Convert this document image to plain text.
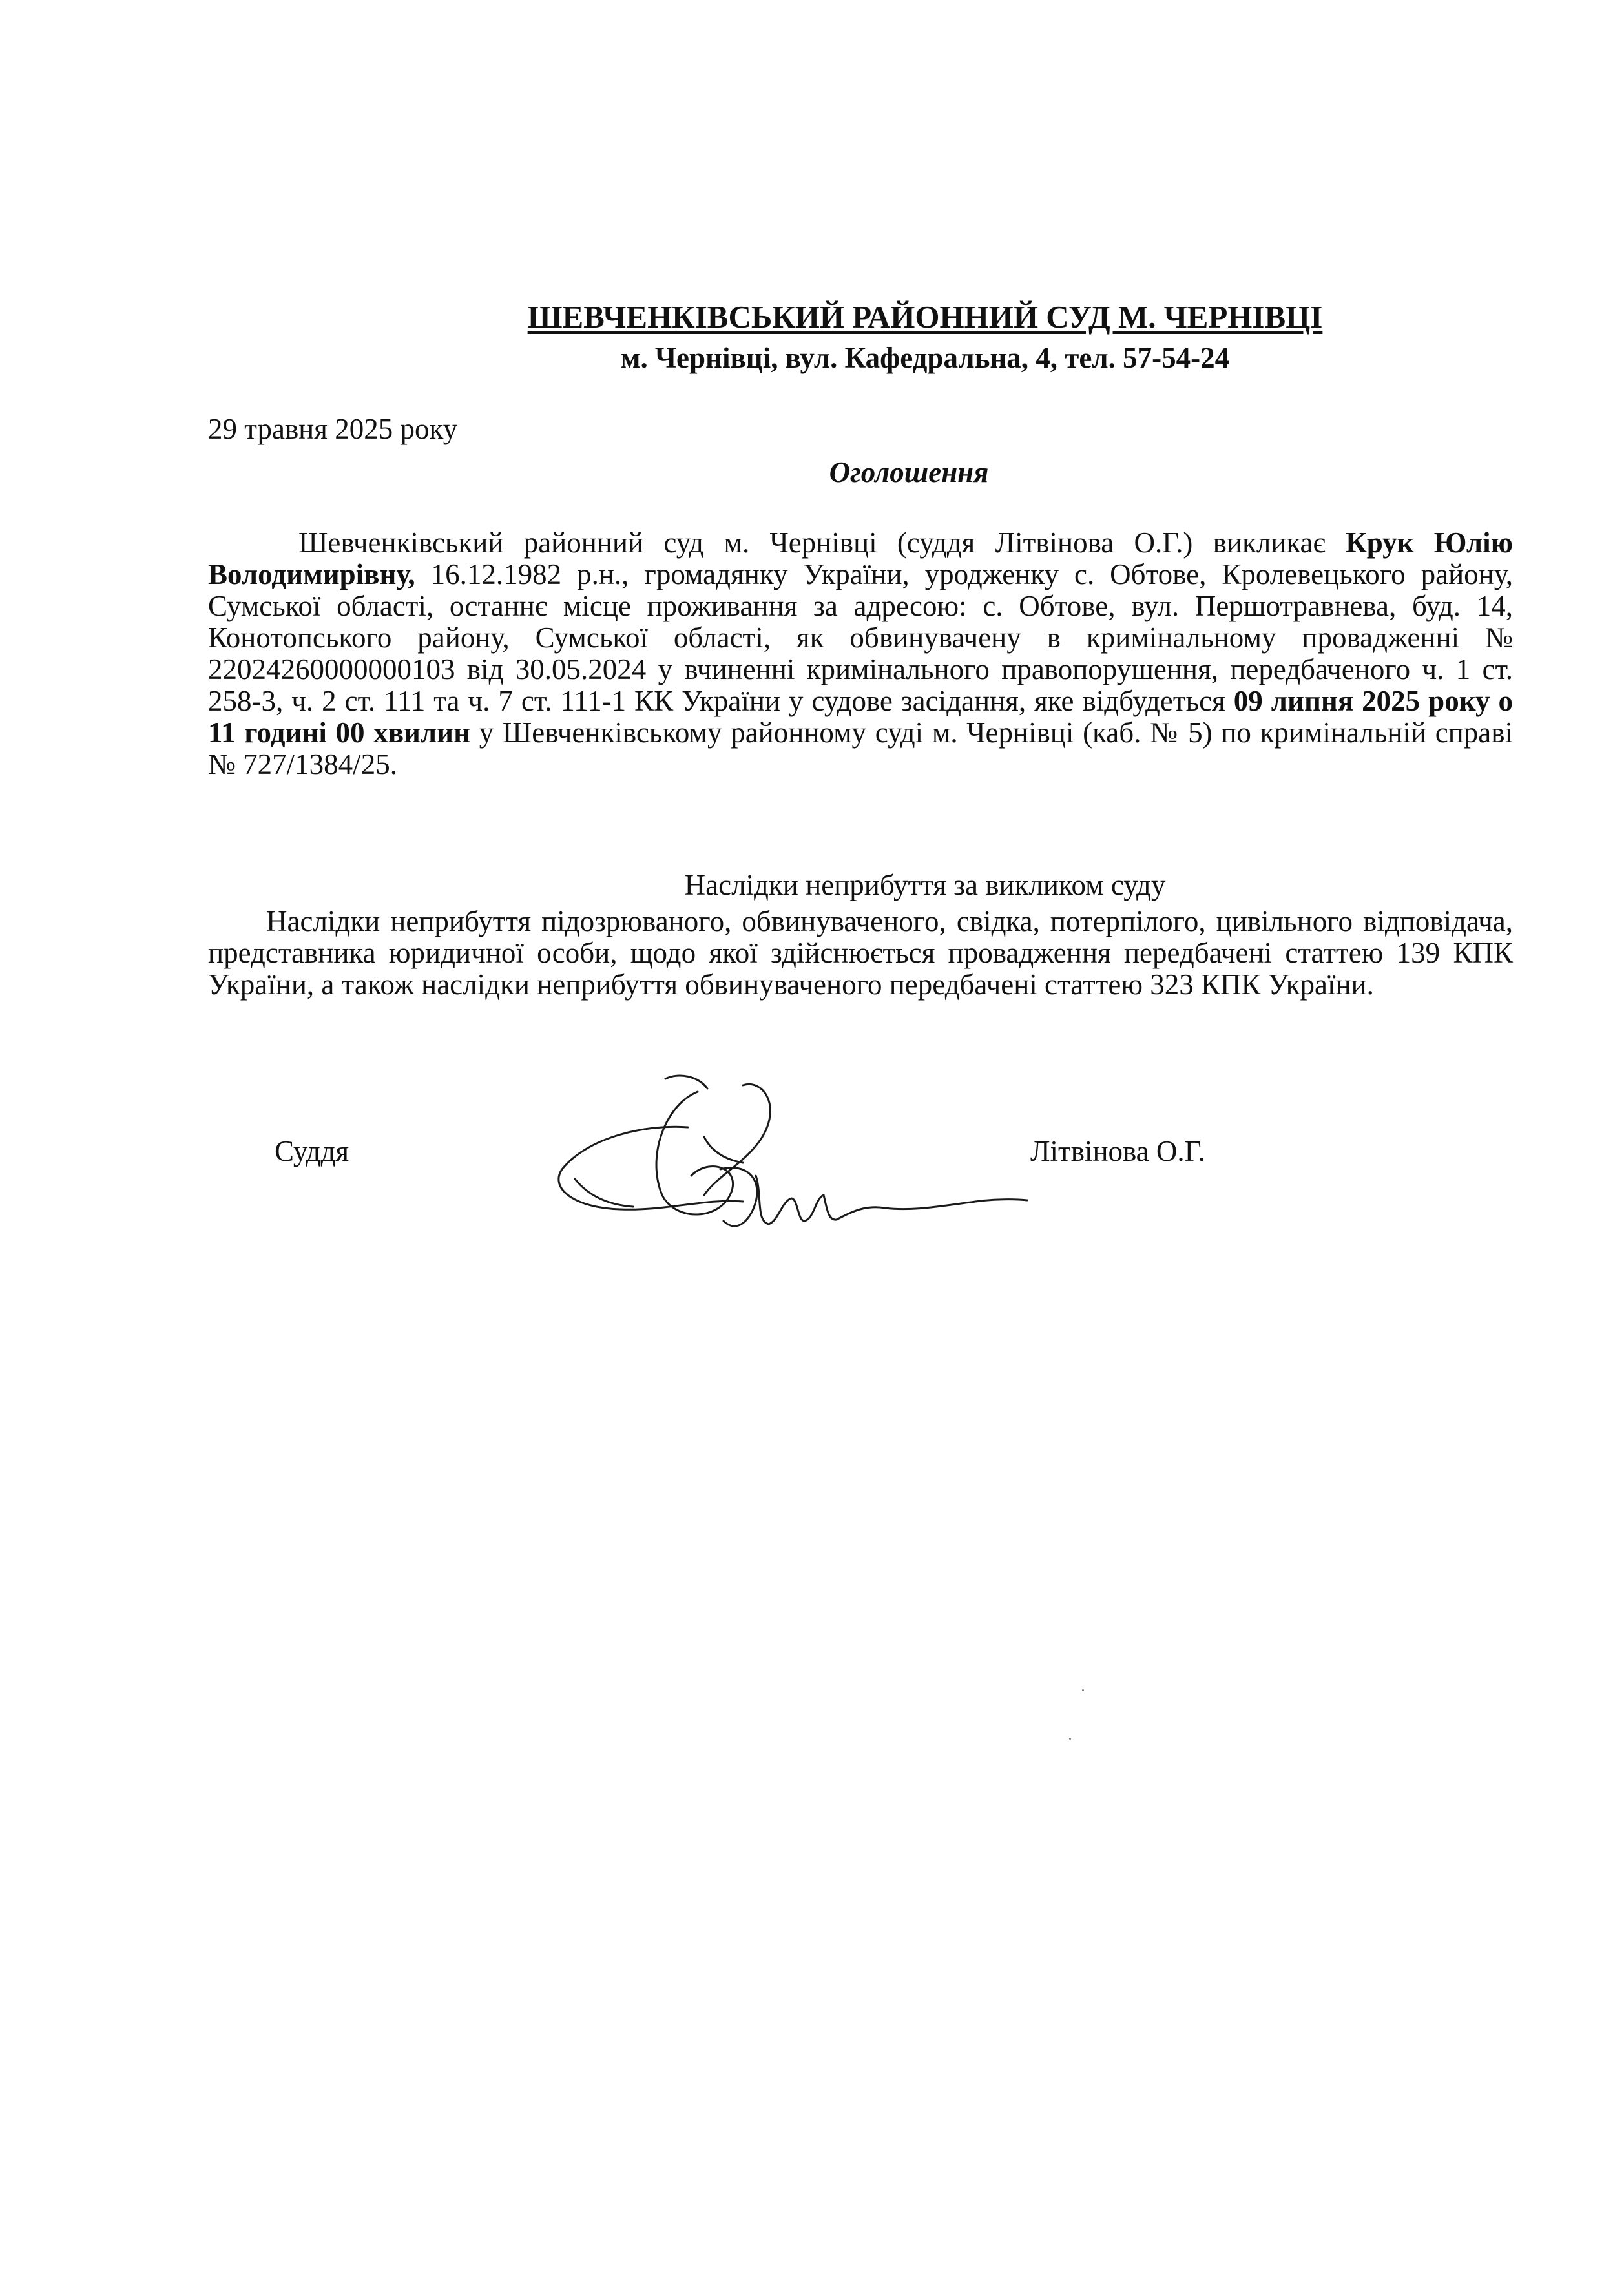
ШЕВЧЕНКІВСЬКИЙ РАЙОННИЙ СУД М. ЧЕРНІВЦІ
м. Чернівці, вул. Кафедральна, 4, тел. 57-54-24
29 травня 2025 року
Оголошення

Шевченківський районний суд м. Чернівці (суддя Літвінова О.Г.) викликає Крук Юлію Володимирівну, 16.12.1982 р.н., громадянку України, уродженку с. Обтове, Кролевецького району, Сумської області, останнє місце проживання за адресою: с. Обтове, вул. Першотравнева, буд. 14, Конотопського району, Сумської області, як обвинувачену в кримінальному провадженні № 22024260000000103 від 30.05.2024 у вчиненні кримінального правопорушення, передбаченого ч. 1 ст. 258-3, ч. 2 ст. 111 та ч. 7 ст. 111-1 КК України у судове засідання, яке відбудеться 09 липня 2025 року о 11 годині 00 хвилин у Шевченківському районному суді м. Чернівці (каб. № 5) по кримінальній справі № 727/1384/25.

Наслідки неприбуття за викликом суду

Наслідки неприбуття підозрюваного, обвинуваченого, свідка, потерпілого, цивільного відповідача, представника юридичної особи, щодо якої здійснюється провадження передбачені статтею 139 КПК України, а також наслідки неприбуття обвинуваченого передбачені статтею 323 КПК України.

Суддя	Літвінова О.Г.
